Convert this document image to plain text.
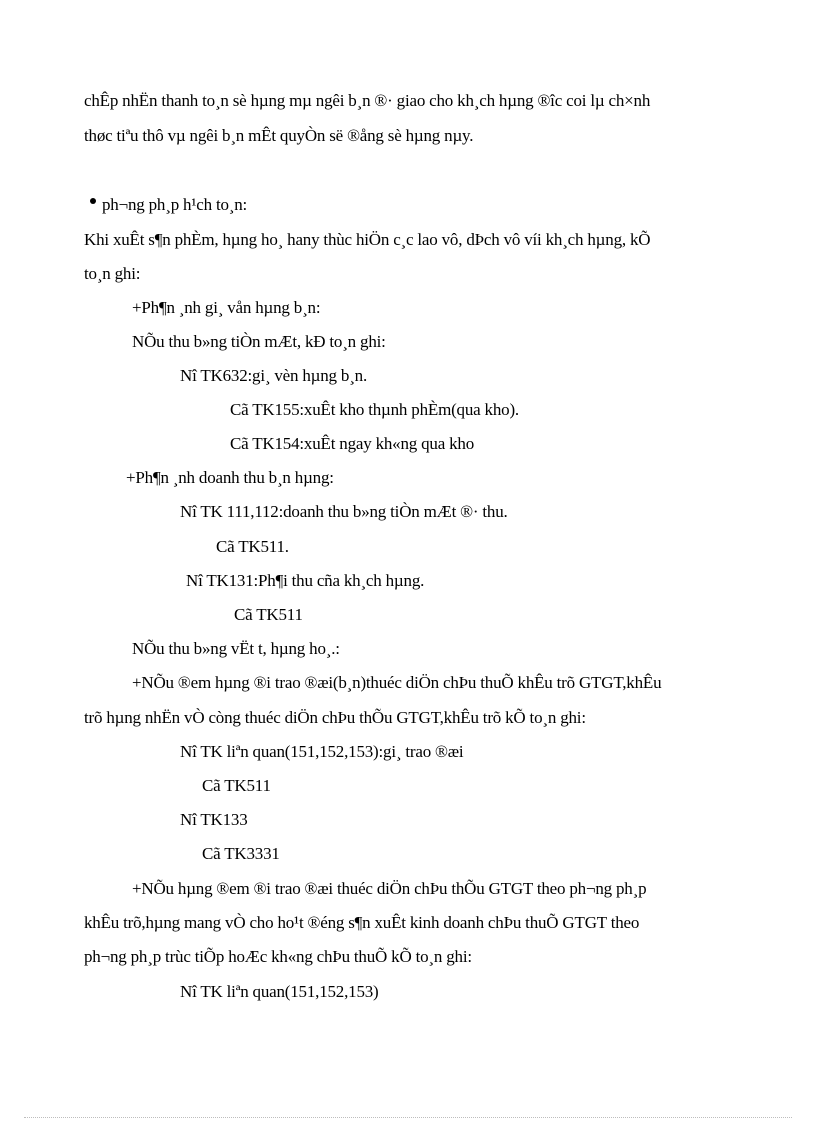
chÊp nhËn thanh to¸n sè hµng mµ ngêi b¸n ®· giao cho kh¸ch hµng ®îc coi lµ ch×nh
thøc tiªu thô vµ ngêi b¸n mÊt quyÒn së ®ång sè hµng nµy.
ph¬ng ph¸p h¹ch to¸n:
Khi xuÊt s¶n phÈm, hµng ho¸ hany thùc hiÖn c¸c lao vô, dÞch vô víi kh¸ch hµng, kÕ
to¸n ghi:
+Ph¶n ¸nh gi¸ vån hµng b¸n:
NÕu thu b»ng tiÒn mÆt, kÐ to¸n ghi:
Nî TK632:gi¸ vèn hµng b¸n.
Cã TK155:xuÊt kho thµnh phÈm(qua kho).
Cã TK154:xuÊt ngay kh«ng qua kho
+Ph¶n ¸nh doanh thu b¸n hµng:
Nî TK 111,112:doanh thu b»ng tiÒn mÆt ®· thu.
Cã TK511.
Nî TK131:Ph¶i thu cña kh¸ch hµng.
Cã TK511
NÕu thu b»ng vËt t, hµng ho¸.:
+NÕu ®em hµng ®i trao ®æi(b¸n)thuéc diÖn chÞu thuÕ khÊu trõ GTGT,khÊu
trõ hµng nhËn vÒ còng thuéc diÖn chÞu thÕu GTGT,khÊu trõ kÕ to¸n ghi:
Nî TK liªn quan(151,152,153):gi¸ trao ®æi
Cã TK511
Nî TK133
Cã TK3331
+NÕu hµng ®em ®i trao ®æi thuéc diÖn chÞu thÕu GTGT theo ph¬ng ph¸p
khÊu trõ,hµng mang vÒ cho ho¹t ®éng s¶n xuÊt kinh doanh chÞu thuÕ GTGT theo
ph¬ng ph¸p trùc tiÕp hoÆc kh«ng chÞu thuÕ kÕ to¸n ghi:
Nî TK liªn quan(151,152,153)
